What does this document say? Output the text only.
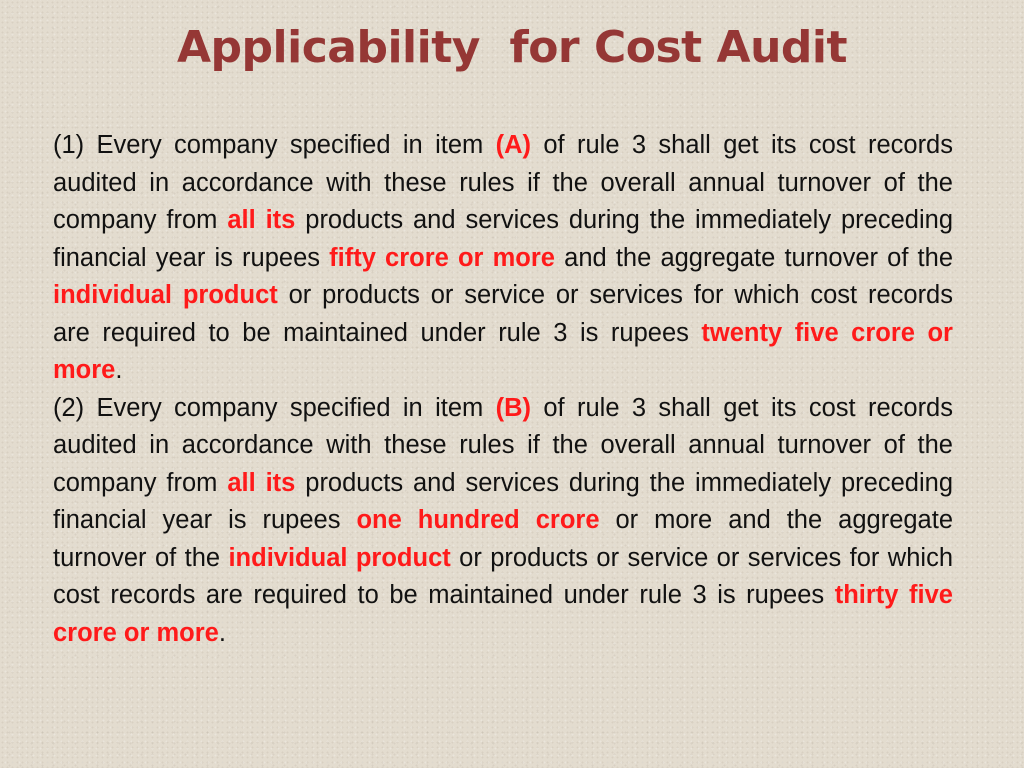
Applicability  for Cost Audit

(1) Every company specified in item (A) of rule 3 shall get its cost records audited in accordance with these rules if the overall annual turnover of the company from all its products and services during the immediately preceding financial year is rupees fifty crore or more and the aggregate turnover of the individual product or products or service or services for which cost records are required to be maintained under rule 3 is rupees twenty five crore or more.

(2) Every company specified in item (B) of rule 3 shall get its cost records audited in accordance with these rules if the overall annual turnover of the company from all its products and services during the immediately preceding financial year is rupees one hundred crore or more and the aggregate turnover of the individual product or products or service or services for which cost records are required to be maintained under rule 3 is rupees thirty five crore or more.
